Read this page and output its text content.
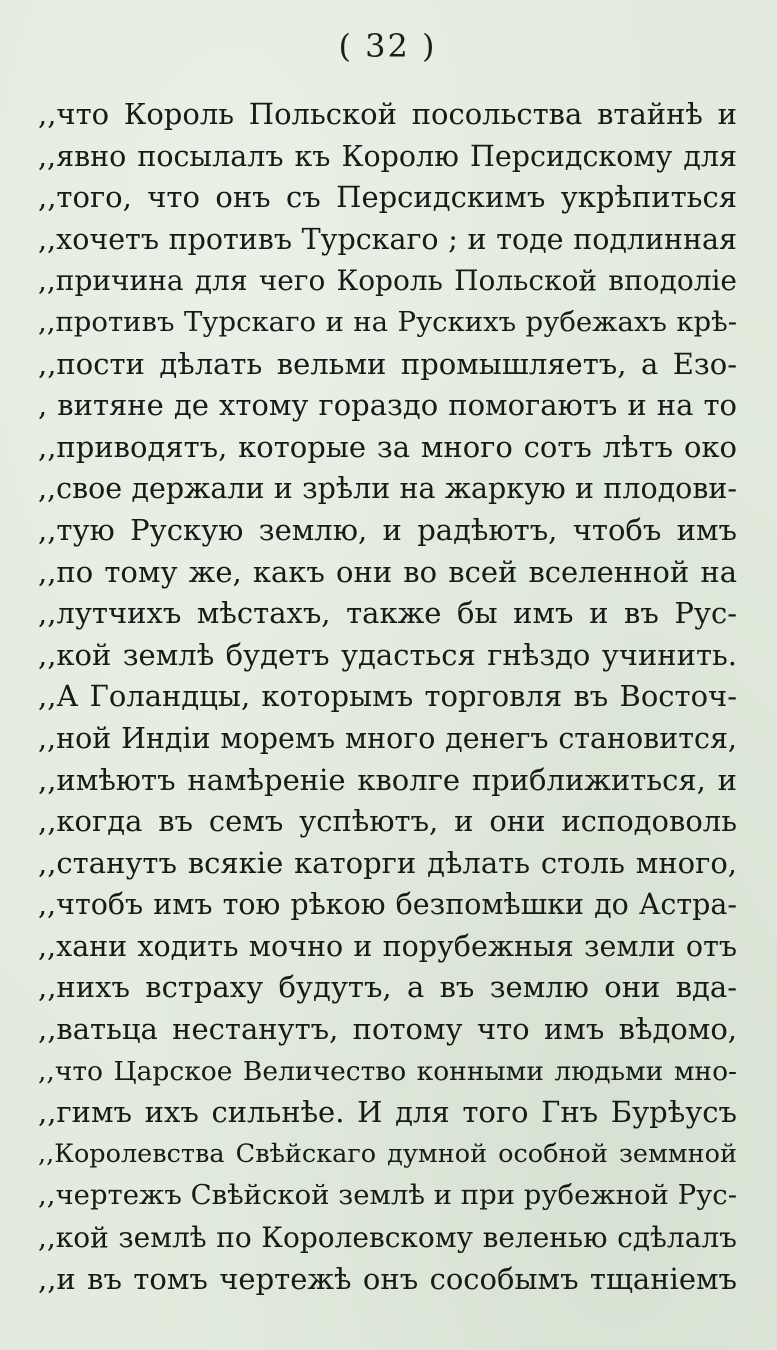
( 32 )
,,что Король Польской посольства втайнѣ и
,,явно посылалъ къ Королю Персидскому для
,,того, что онъ съ Персидскимъ укрѣпиться
,,хочетъ противъ Турскаго ; и тоде подлинная
,,причина для чего Король Польской вподоліе
,,противъ Турскаго и на Рускихъ рубежахъ крѣ-
,,пости дѣлать вельми промышляетъ, а Езо-
, витяне де хтому гораздо помогаютъ и на то
,,приводятъ, которые за много сотъ лѣтъ око
,,свое держали и зрѣли на жаркую и плодови-
,,тую Рускую землю, и радѣютъ, чтобъ имъ
,,по тому же, какъ они во всей вселенной на
,,лутчихъ мѣстахъ, также бы имъ и въ Рус-
,,кой землѣ будетъ удасться гнѣздо учинить.
,,А Голандцы, которымъ торговля въ Восточ-
,,ной Индіи моремъ много денегъ становится,
,,имѣютъ намѣреніе кволге приближиться, и
,,когда въ семъ успѣютъ, и они исподоволь
,,станутъ всякіе каторги дѣлать столь много,
,,чтобъ имъ тою рѣкою безпомѣшки до Астра-
,,хани ходить мочно и порубежныя земли отъ
,,нихъ встраху будутъ, а въ землю они вда-
,,ватьца нестанутъ, потому что имъ вѣдомо,
,,что Царское Величество конными людьми мно-
,,гимъ ихъ сильнѣе. И для того Гнъ Бурѣусъ
,,Королевства Свѣйскаго думной особной земмной
,,чертежъ Свѣйской землѣ и при рубежной Рус-
,,кой землѣ по Королевскому веленью сдѣлалъ
,,и въ томъ чертежѣ онъ сособымъ тщаніемъ
